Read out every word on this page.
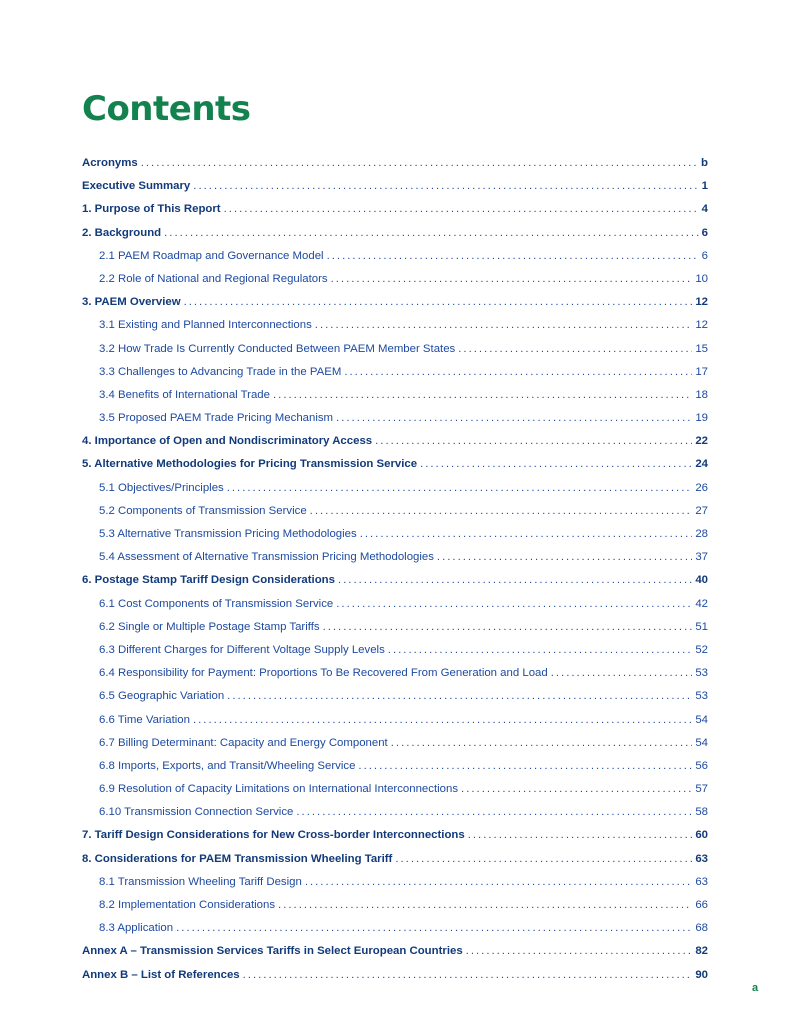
Contents
Acronyms .....	b
Executive Summary .....	1
1. Purpose of This Report .....	4
2. Background .....	6
2.1 PAEM Roadmap and Governance Model .....	6
2.2 Role of National and Regional Regulators .....	10
3. PAEM Overview .....	12
3.1 Existing and Planned Interconnections .....	12
3.2 How Trade Is Currently Conducted Between PAEM Member States .....	15
3.3 Challenges to Advancing Trade in the PAEM .....	17
3.4 Benefits of International Trade .....	18
3.5 Proposed PAEM Trade Pricing Mechanism .....	19
4. Importance of Open and Nondiscriminatory Access .....	22
5. Alternative Methodologies for Pricing Transmission Service .....	24
5.1 Objectives/Principles .....	26
5.2 Components of Transmission Service .....	27
5.3 Alternative Transmission Pricing Methodologies .....	28
5.4 Assessment of Alternative Transmission Pricing Methodologies .....	37
6. Postage Stamp Tariff Design Considerations .....	40
6.1 Cost Components of Transmission Service .....	42
6.2 Single or Multiple Postage Stamp Tariffs .....	51
6.3 Different Charges for Different Voltage Supply Levels .....	52
6.4 Responsibility for Payment: Proportions To Be Recovered From Generation and Load .....	53
6.5 Geographic Variation .....	53
6.6 Time Variation .....	54
6.7 Billing Determinant: Capacity and Energy Component .....	54
6.8 Imports, Exports, and Transit/Wheeling Service .....	56
6.9 Resolution of Capacity Limitations on International Interconnections .....	57
6.10 Transmission Connection Service .....	58
7. Tariff Design Considerations for New Cross-border Interconnections .....	60
8. Considerations for PAEM Transmission Wheeling Tariff .....	63
8.1 Transmission Wheeling Tariff Design .....	63
8.2 Implementation Considerations .....	66
8.3 Application .....	68
Annex A – Transmission Services Tariffs in Select European Countries .....	82
Annex B – List of References .....	90
a
